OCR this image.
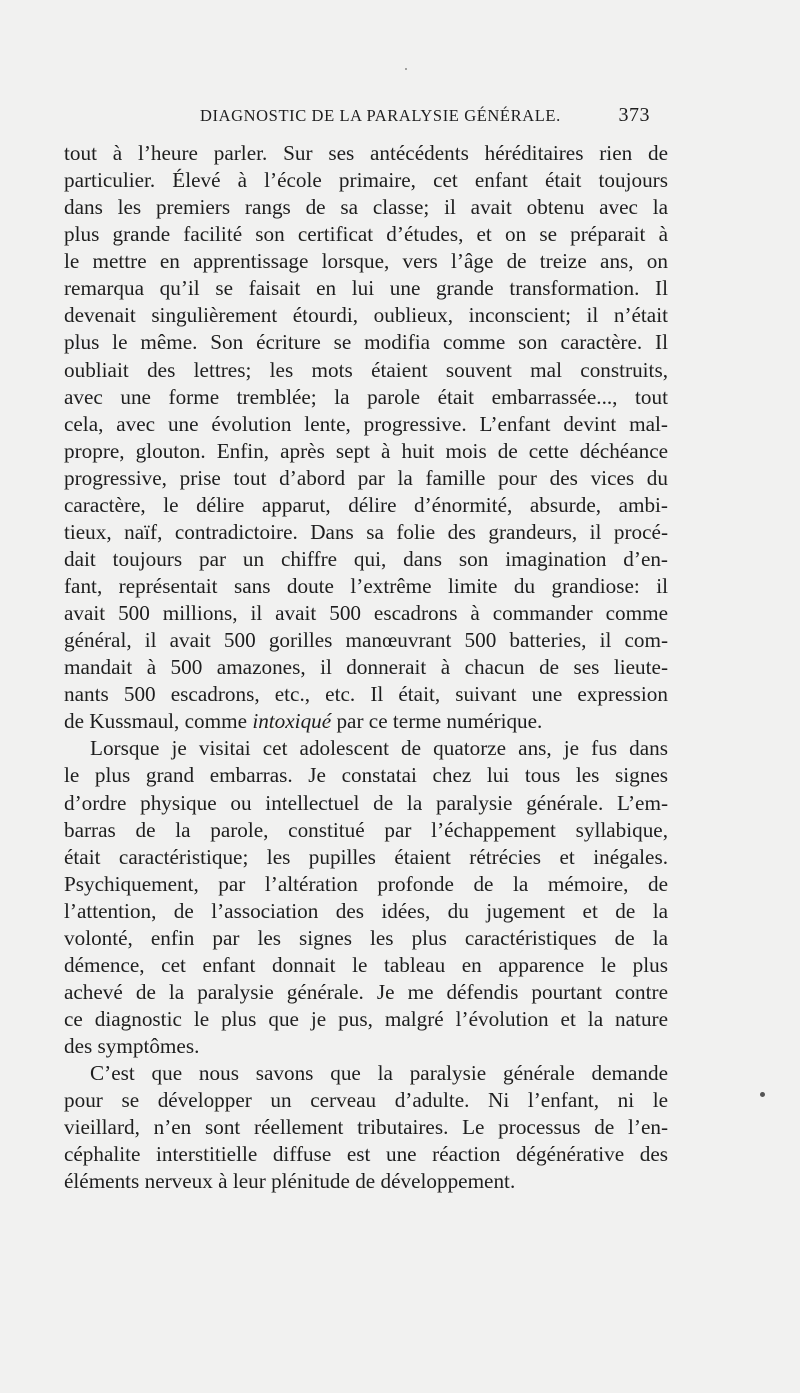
DIAGNOSTIC DE LA PARALYSIE GÉNÉRALE.	373
tout à l’heure parler. Sur ses antécédents héréditaires rien de
particulier. Élevé à l’école primaire, cet enfant était toujours
dans les premiers rangs de sa classe; il avait obtenu avec la
plus grande facilité son certificat d’études, et on se préparait à
le mettre en apprentissage lorsque, vers l’âge de treize ans, on
remarqua qu’il se faisait en lui une grande transformation. Il
devenait singulièrement étourdi, oublieux, inconscient; il n’était
plus le même. Son écriture se modifia comme son caractère. Il
oubliait des lettres; les mots étaient souvent mal construits,
avec une forme tremblée; la parole était embarrassée..., tout
cela, avec une évolution lente, progressive. L’enfant devint mal-
propre, glouton. Enfin, après sept à huit mois de cette déchéance
progressive, prise tout d’abord par la famille pour des vices du
caractère, le délire apparut, délire d’énormité, absurde, ambi-
tieux, naïf, contradictoire. Dans sa folie des grandeurs, il procé-
dait toujours par un chiffre qui, dans son imagination d’en-
fant, représentait sans doute l’extrême limite du grandiose: il
avait 500 millions, il avait 500 escadrons à commander comme
général, il avait 500 gorilles manœuvrant 500 batteries, il com-
mandait à 500 amazones, il donnerait à chacun de ses lieute-
nants 500 escadrons, etc., etc. Il était, suivant une expression
de Kussmaul, comme intoxiqué par ce terme numérique.
Lorsque je visitai cet adolescent de quatorze ans, je fus dans
le plus grand embarras. Je constatai chez lui tous les signes
d’ordre physique ou intellectuel de la paralysie générale. L’em-
barras de la parole, constitué par l’échappement syllabique,
était caractéristique; les pupilles étaient rétrécies et inégales.
Psychiquement, par l’altération profonde de la mémoire, de
l’attention, de l’association des idées, du jugement et de la
volonté, enfin par les signes les plus caractéristiques de la
démence, cet enfant donnait le tableau en apparence le plus
achevé de la paralysie générale. Je me défendis pourtant contre
ce diagnostic le plus que je pus, malgré l’évolution et la nature
des symptômes.
C’est que nous savons que la paralysie générale demande
pour se développer un cerveau d’adulte. Ni l’enfant, ni le
vieillard, n’en sont réellement tributaires. Le processus de l’en-
céphalite interstitielle diffuse est une réaction dégénérative des
éléments nerveux à leur plénitude de développement.
